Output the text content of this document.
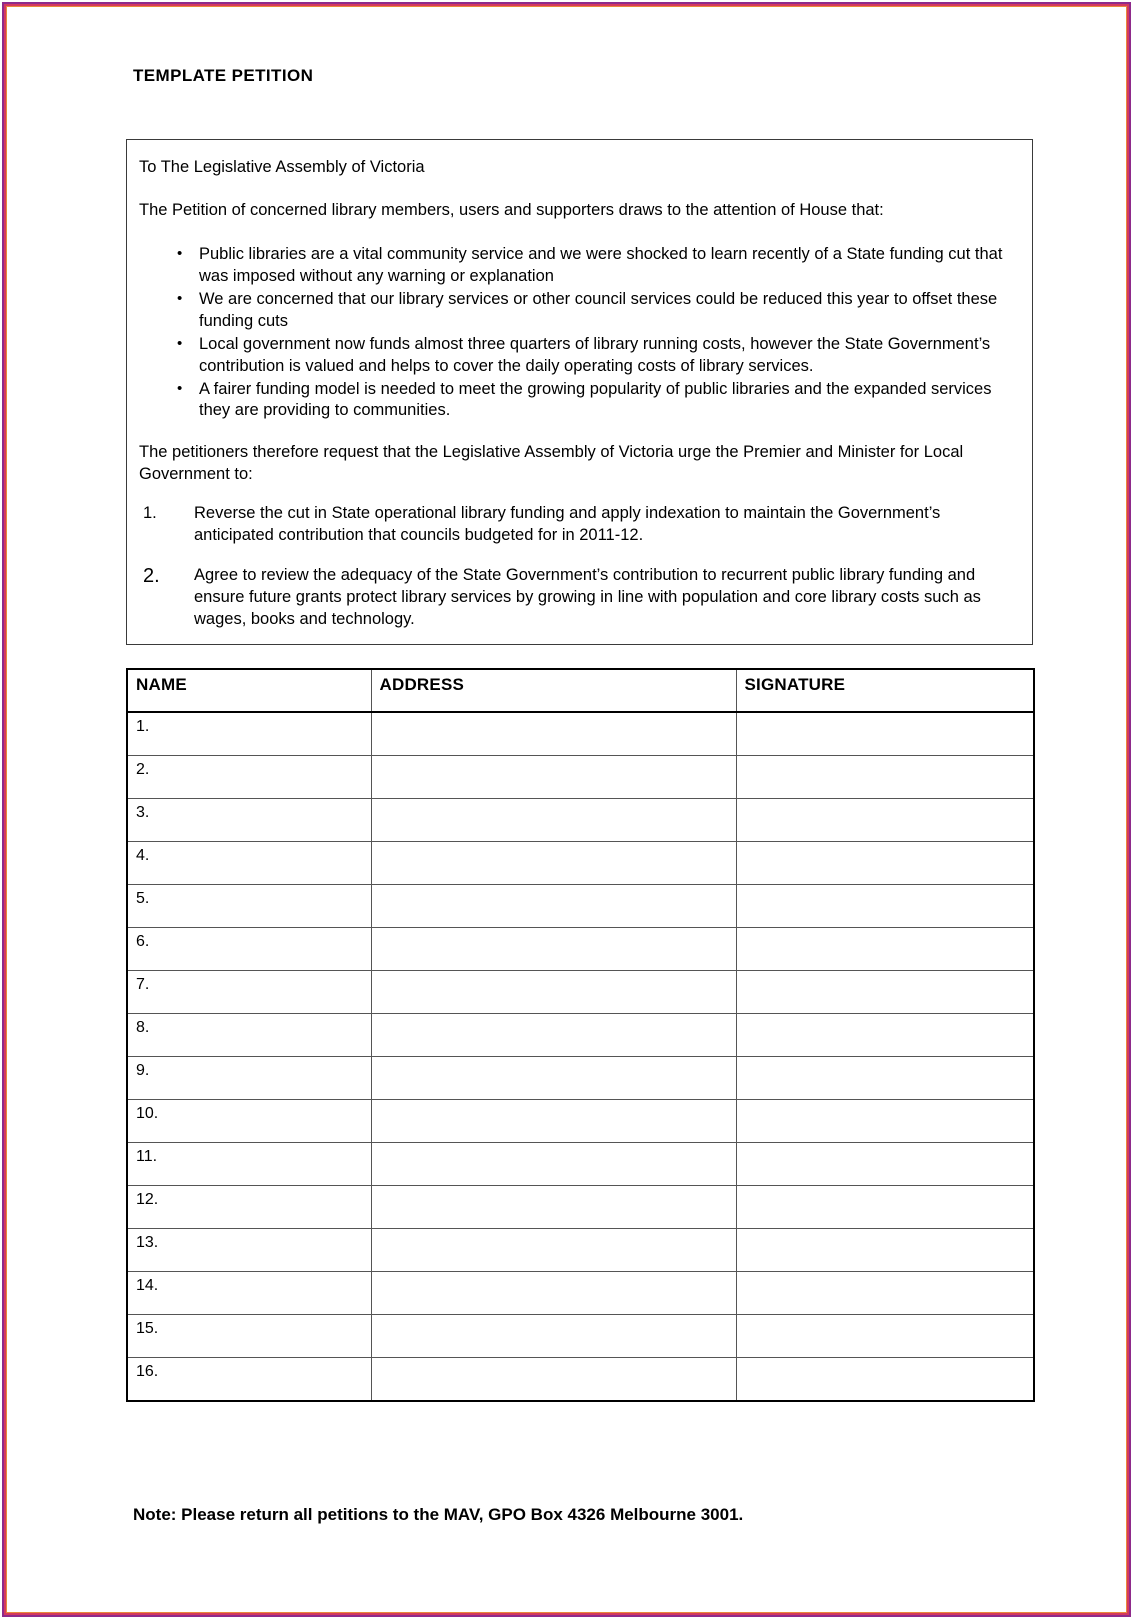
TEMPLATE PETITION

To The Legislative Assembly of Victoria

The Petition of concerned library members, users and supporters draws to the attention of House that:

• Public libraries are a vital community service and we were shocked to learn recently of a State funding cut that was imposed without any warning or explanation
• We are concerned that our library services or other council services could be reduced this year to offset these funding cuts
• Local government now funds almost three quarters of library running costs, however the State Government’s contribution is valued and helps to cover the daily operating costs of library services.
• A fairer funding model is needed to meet the growing popularity of public libraries and the expanded services they are providing to communities.

The petitioners therefore request that the Legislative Assembly of Victoria urge the Premier and Minister for Local Government to:

1. Reverse the cut in State operational library funding and apply indexation to maintain the Government’s anticipated contribution that councils budgeted for in 2011-12.
2. Agree to review the adequacy of the State Government’s contribution to recurrent public library funding and ensure future grants protect library services by growing in line with population and core library costs such as wages, books and technology.
NAME	ADDRESS	SIGNATURE
1.		
2.		
3.		
4.		
5.		
6.		
7.		
8.		
9.		
10.		
11.		
12.		
13.		
14.		
15.		
16.		
Note: Please return all petitions to the MAV, GPO Box 4326 Melbourne 3001.
